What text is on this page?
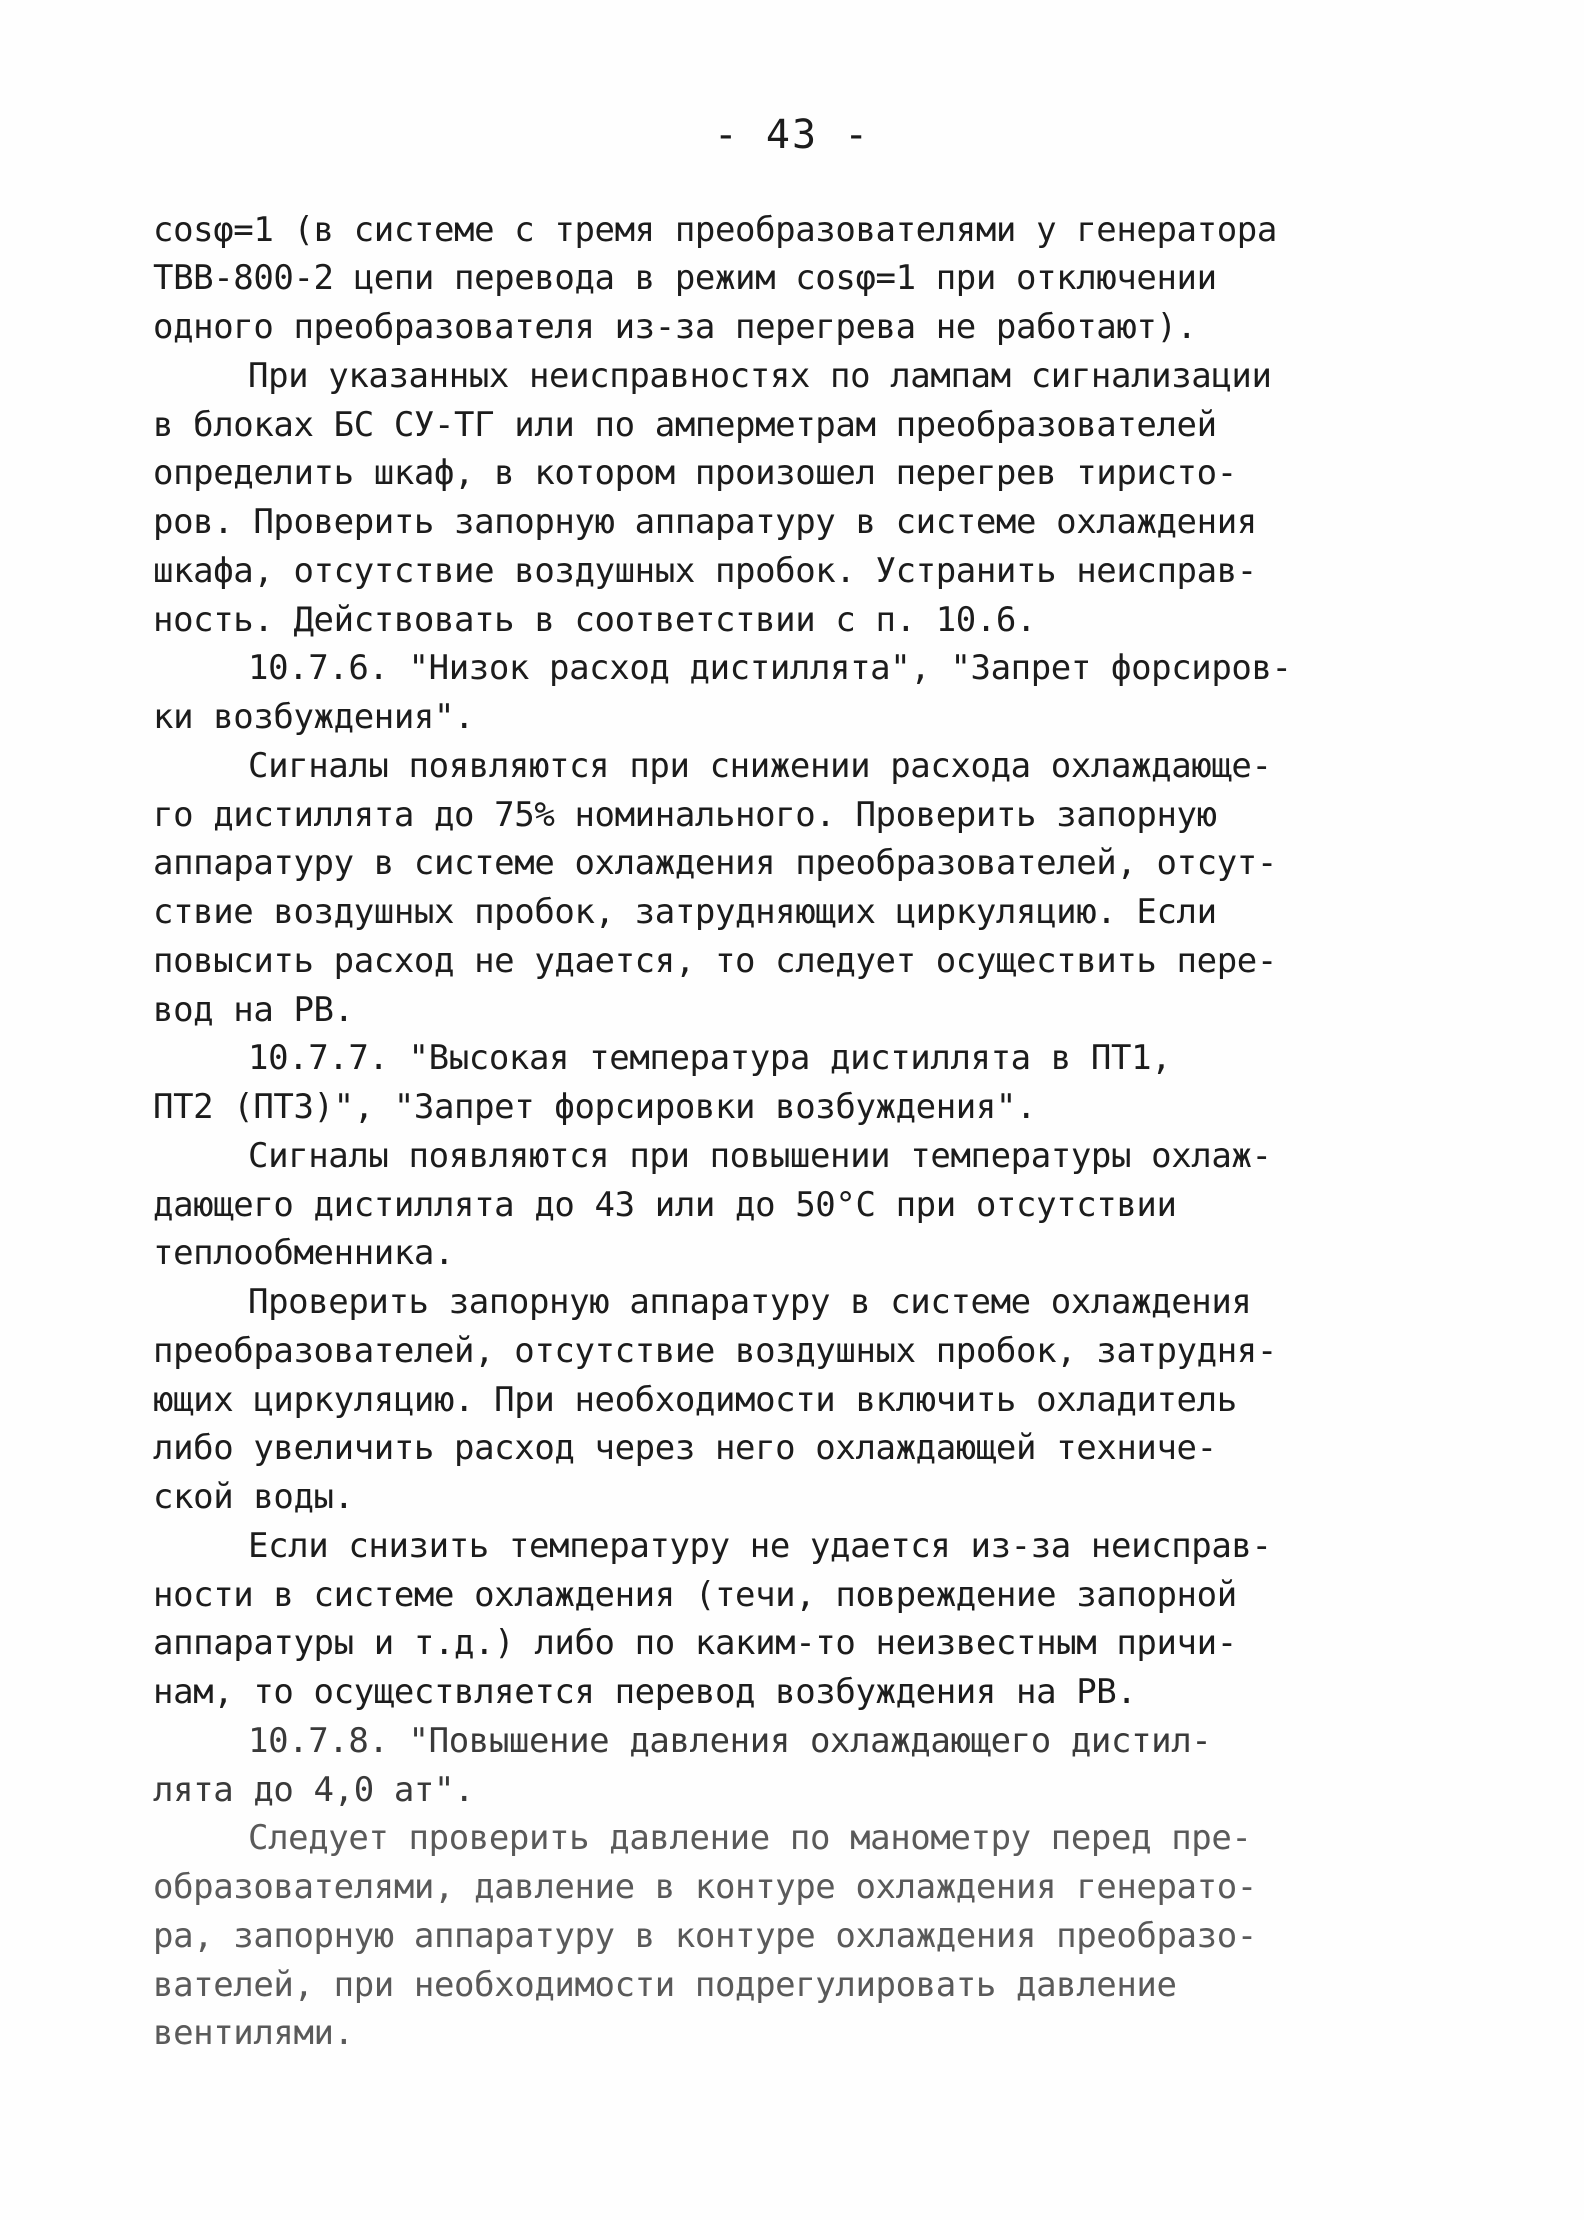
- 43 -
cosφ=1 (в системе с тремя преобразователями у генератора
ТВВ-800-2 цепи перевода в режим cosφ=1 при отключении
одного преобразователя из-за перегрева не работают).
При указанных неисправностях по лампам сигнализации
в блоках БС СУ-ТГ или по амперметрам преобразователей
определить шкаф, в котором произошел перегрев тиристо-
ров. Проверить запорную аппаратуру в системе охлаждения
шкафа, отсутствие воздушных пробок. Устранить неисправ-
ность. Действовать в соответствии с п. 10.6.
10.7.6. "Низок расход дистиллята", "Запрет форсиров-
ки возбуждения".
Сигналы появляются при снижении расхода охлаждающе-
го дистиллята до 75% номинального. Проверить запорную
аппаратуру в системе охлаждения преобразователей, отсут-
ствие воздушных пробок, затрудняющих циркуляцию. Если
повысить расход не удается, то следует осуществить пере-
вод на РВ.
10.7.7. "Высокая температура дистиллята в ПТ1,
ПТ2 (ПТ3)", "Запрет форсировки возбуждения".
Сигналы появляются при повышении температуры охлаж-
дающего дистиллята до 43 или до 50°С при отсутствии
теплообменника.
Проверить запорную аппаратуру в системе охлаждения
преобразователей, отсутствие воздушных пробок, затрудня-
ющих циркуляцию. При необходимости включить охладитель
либо увеличить расход через него охлаждающей техниче-
ской воды.
Если снизить температуру не удается из-за неисправ-
ности в системе охлаждения (течи, повреждение запорной
аппаратуры и т.д.) либо по каким-то неизвестным причи-
нам, то осуществляется перевод возбуждения на РВ.
10.7.8. "Повышение давления охлаждающего дистил-
лята до 4,0 ат".
Следует проверить давление по манометру перед пре-
образователями, давление в контуре охлаждения генерато-
ра, запорную аппаратуру в контуре охлаждения преобразо-
вателей, при необходимости подрегулировать давление
вентилями.
